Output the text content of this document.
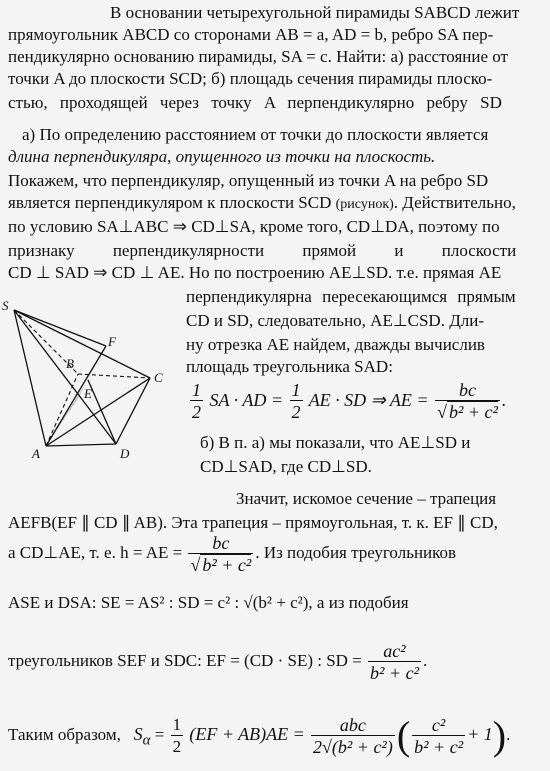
В основании четырехугольной пирамиды SABCD лежит
прямоугольник ABCD со сторонами AB = a, AD = b, ребро SA пер-
пендикулярно основанию пирамиды, SA = c. Найти: а) расстояние от
точки A до плоскости SCD; б) площадь сечения пирамиды плоско-
стью, проходящей через точку A перпендикулярно ребру SD
а) По определению расстоянием от точки до плоскости является
длина перпендикуляра, опущенного из точки на плоскость.
Покажем, что перпендикуляр, опущенный из точки A на ребро SD
является перпендикуляром к плоскости SCD (рисунок). Действительно,
по условию SA⊥ABC ⇒ CD⊥SA, кроме того, CD⊥DA, поэтому по
признаку перпендикулярности прямой и плоскости
CD ⊥ SAD ⇒ CD ⊥ AE. Но по построению AE⊥SD. т.е. прямая AE
перпендикулярна пересекающимся прямым
CD и SD, следовательно, AE⊥CSD. Дли-
ну отрезка AE найдем, дважды вычислив
площадь треугольника SAD:
$\frac{1}{2}$ SA · AD = $\frac{1}{2}$ AE · SD ⇒ AE = $\frac{bc}{\text{√ b² + c²}}$ .
б) В п. а) мы показали, что AE⊥SD и
CD⊥SAD, где CD⊥SD.
Значит, искомое сечение – трапеция
AEFB(EF ∥ CD ∥ AB). Эта трапеция – прямоугольная, т. к. EF ∥ CD,
а CD⊥AE, т. е. h = AE = $\frac{bc}{\text{√ b² + c²}}$ . Из подобия треугольников
ASE и DSA: SE = AS² : SD = c² : √(b² + c²), а из подобия
треугольников SEF и SDC: EF = (CD · SE) : SD = $\frac{\text{ac²}}{\text{b² + c²}}$ .
Таким образом, $S_\alpha = \frac{1}{2} (EF + AB)AE = \frac{\text{abc}}{\text{2√(b² + c²)}}$ ( $\frac{\text{c²}}{\text{b² + c²}} + 1$).
S
B
F
C
E
A	D
